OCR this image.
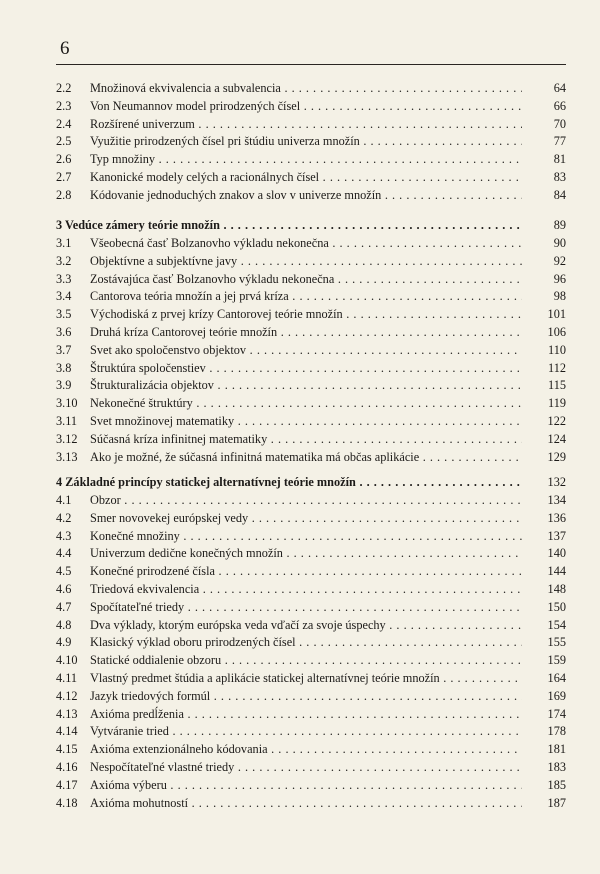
6
2.2 Množinová ekvivalencia a subvalencia . .	64
2.3 Von Neumannov model prirodzených čísel . .	66
2.4 Rozšírené univerzum . .	70
2.5 Využitie prirodzených čísel pri štúdiu univerza množín . .	77
2.6 Typ množiny . .	81
2.7 Kanonické modely celých a racionálnych čísel . .	83
2.8 Kódovanie jednoduchých znakov a slov v univerze množín . .	84
3 Vedúce zámery teórie množín . .	89
3.1 Všeobecná časť Bolzanovho výkladu nekonečna . .	90
3.2 Objektívne a subjektívne javy . .	92
3.3 Zostávajúca časť Bolzanovho výkladu nekonečna . .	96
3.4 Cantorova teória množín a jej prvá kríza . .	98
3.5 Východiská z prvej krízy Cantorovej teórie množín . .	101
3.6 Druhá kríza Cantorovej teórie množín . .	106
3.7 Svet ako spoločenstvo objektov . .	110
3.8 Štruktúra spoločenstiev . .	112
3.9 Štrukturalizácia objektov . .	115
3.10 Nekonečné štruktúry . .	119
3.11 Svet množinovej matematiky . .	122
3.12 Súčasná kríza infinitnej matematiky . .	124
3.13 Ako je možné, že súčasná infinitná matematika má občas aplikácie . .	129
4 Základné princípy statickej alternatívnej teórie množín . .	132
4.1 Obzor . .	134
4.2 Smer novovekej európskej vedy . .	136
4.3 Konečné množiny . .	137
4.4 Univerzum dedične konečných množín . .	140
4.5 Konečné prirodzené čísla . .	144
4.6 Triedová ekvivalencia . .	148
4.7 Spočítateľné triedy . .	150
4.8 Dva výklady, ktorým európska veda vďačí za svoje úspechy . .	154
4.9 Klasický výklad oboru prirodzených čísel . .	155
4.10 Statické oddialenie obzoru . .	159
4.11 Vlastný predmet štúdia a aplikácie statickej alternatívnej teórie množín . .	164
4.12 Jazyk triedových formúl . .	169
4.13 Axióma predĺženia . .	174
4.14 Vytváranie tried . .	178
4.15 Axióma extenzionálneho kódovania . .	181
4.16 Nespočítateľné vlastné triedy . .	183
4.17 Axióma výberu . .	185
4.18 Axióma mohutností . .	187
